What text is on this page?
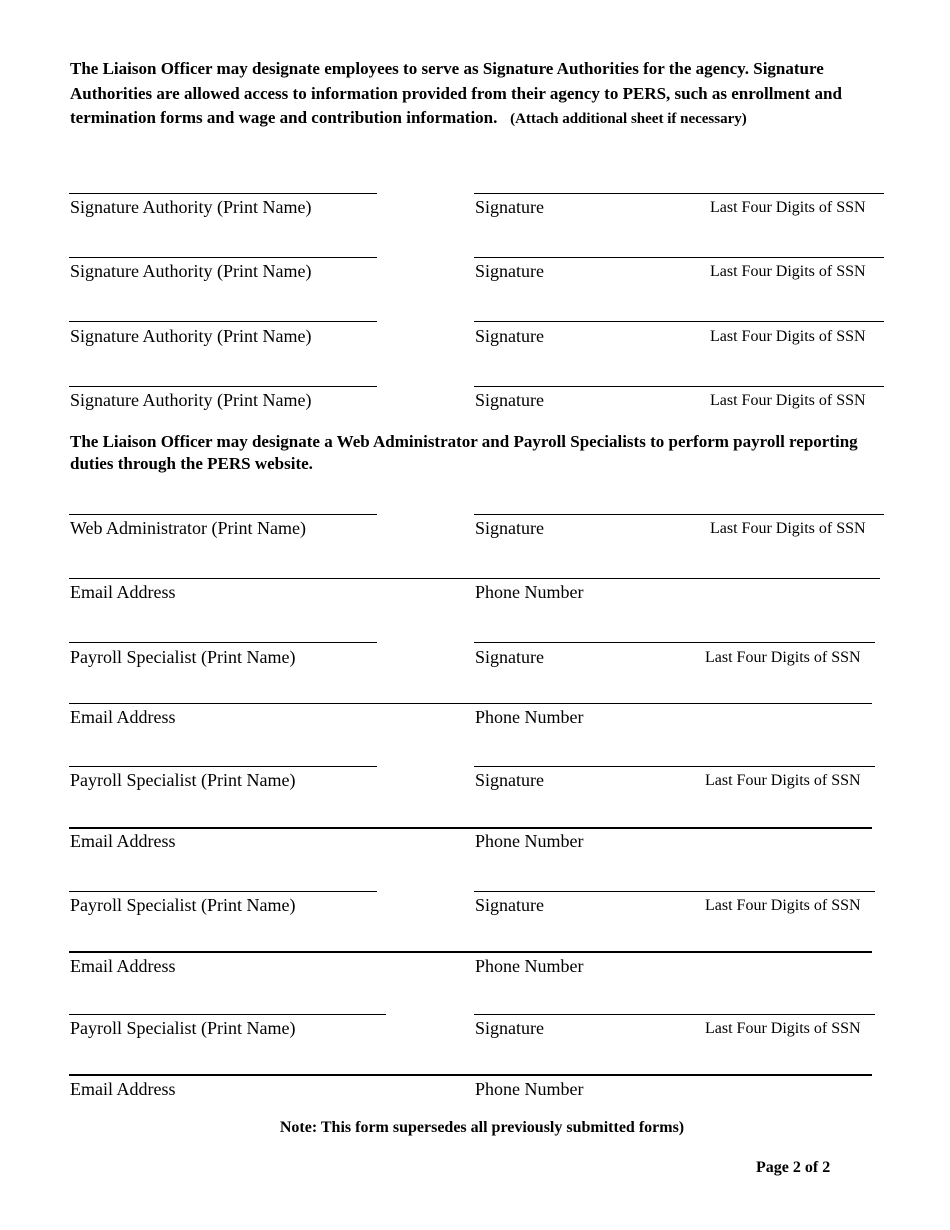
The Liaison Officer may designate employees to serve as Signature Authorities for the agency. Signature Authorities are allowed access to information provided from their agency to PERS, such as enrollment and termination forms and wage and contribution information. (Attach additional sheet if necessary)

Signature Authority (Print Name)	Signature	Last Four Digits of SSN
Signature Authority (Print Name)	Signature	Last Four Digits of SSN
Signature Authority (Print Name)	Signature	Last Four Digits of SSN
Signature Authority (Print Name)	Signature	Last Four Digits of SSN

The Liaison Officer may designate a Web Administrator and Payroll Specialists to perform payroll reporting duties through the PERS website.

Web Administrator (Print Name)	Signature	Last Four Digits of SSN
Email Address	Phone Number
Payroll Specialist (Print Name)	Signature	Last Four Digits of SSN
Email Address	Phone Number
Payroll Specialist (Print Name)	Signature	Last Four Digits of SSN
Email Address	Phone Number
Payroll Specialist (Print Name)	Signature	Last Four Digits of SSN
Email Address	Phone Number
Payroll Specialist (Print Name)	Signature	Last Four Digits of SSN
Email Address	Phone Number
Note: This form supersedes all previously submitted forms)
Page 2 of 2
